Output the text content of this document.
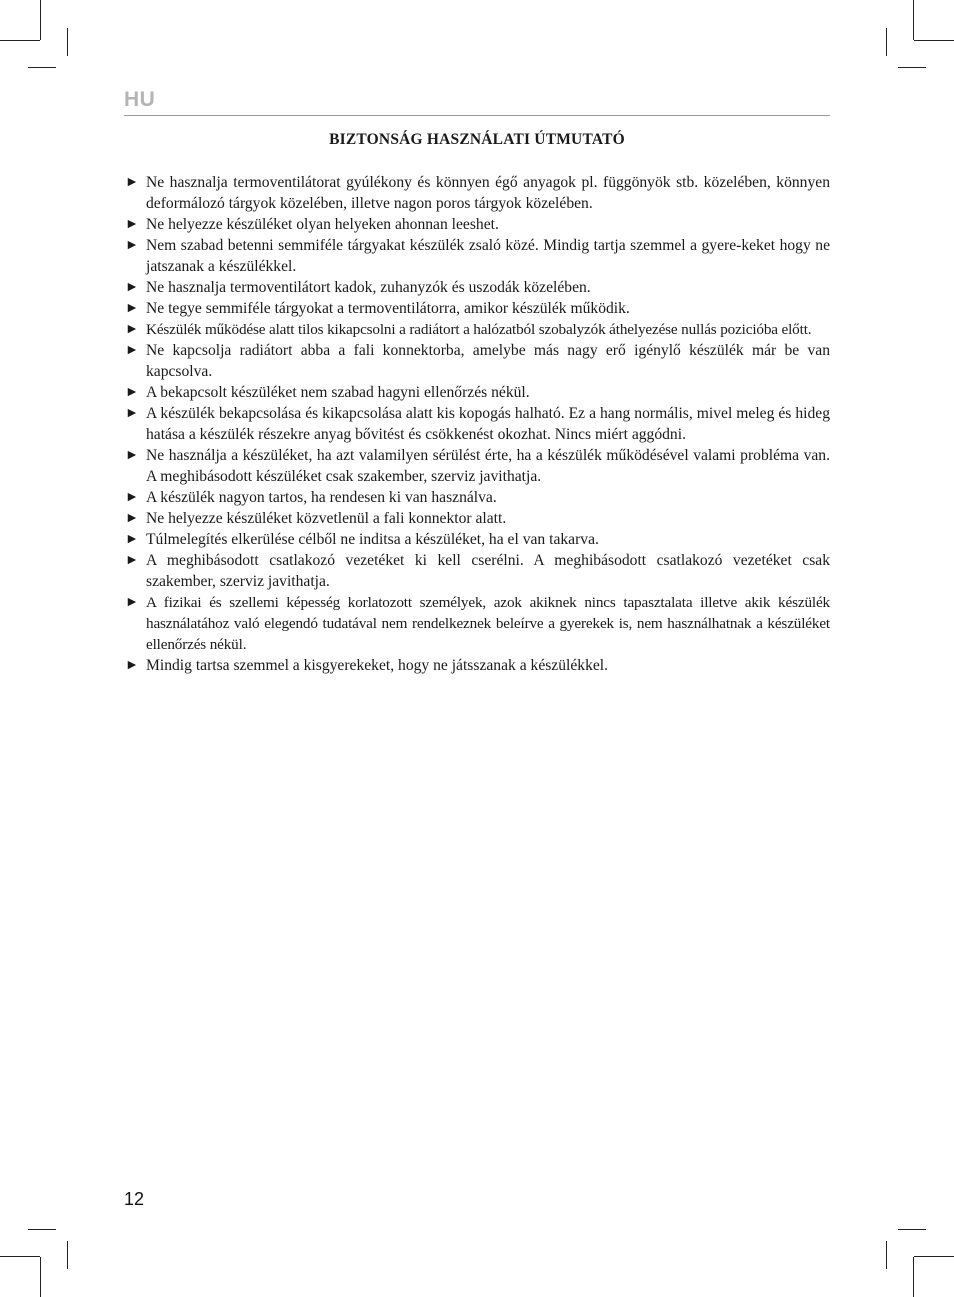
HU
BIZTONSÁG HASZNÁLATI ÚTMUTATÓ
► Ne hasznalja termoventilátorat gyúlékony és könnyen égő anyagok pl. függönyök stb. közelében, könnyen deformálozó tárgyok közelében, illetve nagon poros tárgyok közelében.
► Ne helyezze készüléket olyan helyeken ahonnan leeshet.
► Nem szabad betenni semmiféle tárgyakat készülék zsaló közé. Mindig tartja szemmel a gyere-keket hogy ne jatszanak a készülékkel.
► Ne hasznalja termoventilátort kadok, zuhanyzók és uszodák közelében.
► Ne tegye semmiféle tárgyokat a termoventilátorra, amikor készülék működik.
► Készülék működése alatt tilos kikapcsolni a radiátort a halózatból szobalyzók áthelyezése nullás pozicióba előtt.
► Ne kapcsolja radiátort abba a fali konnektorba, amelybe más nagy erő igénylő készülék már be van kapcsolva.
► A bekapcsolt készüléket nem szabad hagyni ellenőrzés nékül.
► A készülék bekapcsolása és kikapcsolása alatt kis kopogás halható. Ez a hang normális, mivel meleg és hideg hatása a készülék részekre anyag bővitést és csökkenést okozhat. Nincs miért aggódni.
► Ne használja a készüléket, ha azt valamilyen sérülést érte, ha a készülék működésével valami probléma van. A meghibásodott készüléket csak szakember, szerviz javithatja.
► A készülék nagyon tartos, ha rendesen ki van használva.
► Ne helyezze készüléket közvetlenül a fali konnektor alatt.
► Túlmelegítés elkerülése célből ne inditsa a készüléket, ha el van takarva.
► A meghibásodott csatlakozó vezetéket ki kell cserélni. A meghibásodott csatlakozó vezetéket csak szakember, szerviz javithatja.
► A fizikai és szellemi képesség korlatozott személyek, azok akiknek nincs tapasztalata illetve akik készülék használatához való elegendó tudatával nem rendelkeznek beleírve a gyerekek is, nem használhatnak a készüléket ellenőrzés nékül.
► Mindig tartsa szemmel a kisgyerekeket, hogy ne játsszanak a készülékkel.
12
